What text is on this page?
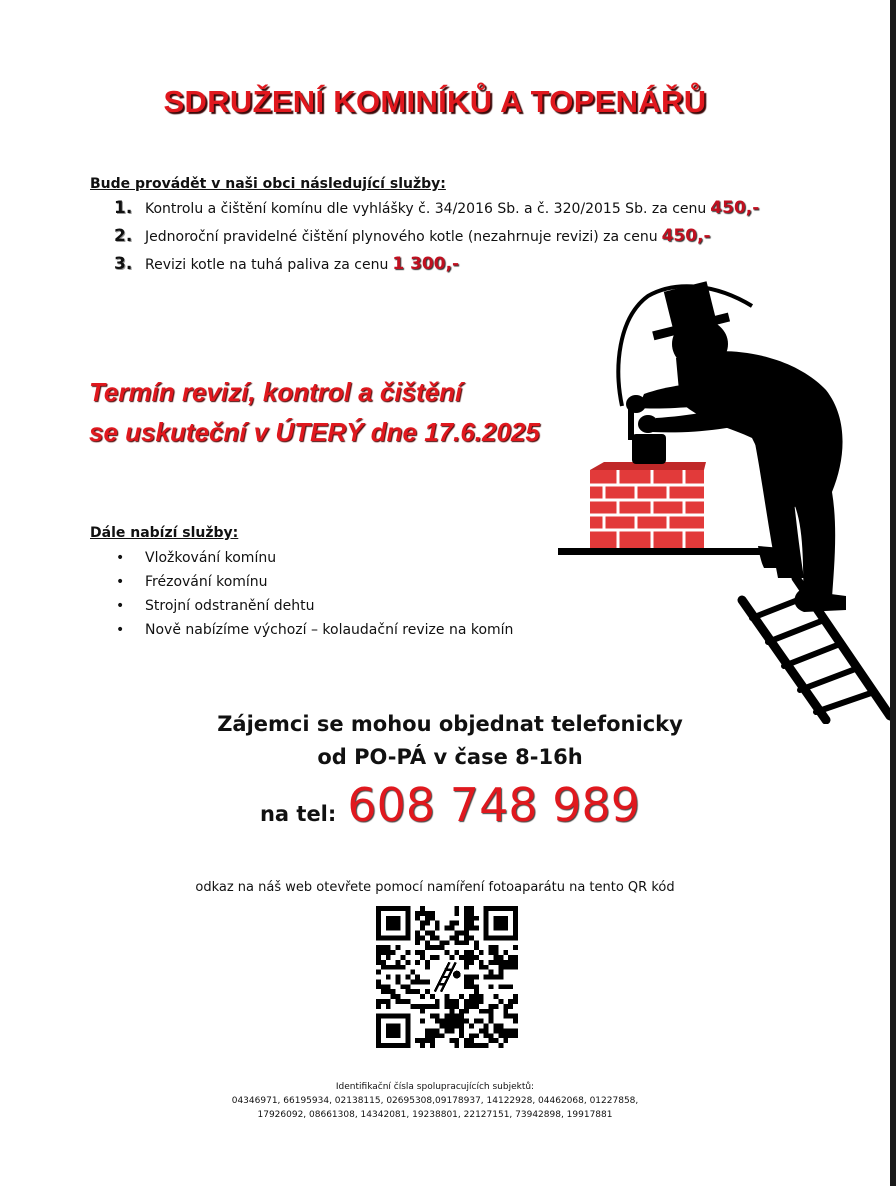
SDRUŽENÍ KOMINÍKŮ A TOPENÁŘŮ
Bude provádět v naši obci následující služby:
1. Kontrolu a čištění komínu dle vyhlášky č. 34/2016 Sb. a č. 320/2015 Sb. za cenu 450,-
2. Jednoroční pravidelné čištění plynového kotle (nezahrnuje revizi) za cenu 450,-
3. Revizi kotle na tuhá paliva za cenu 1 300,-
Termín revizí, kontrol a čištění
se uskuteční v ÚTERÝ dne 17.6.2025
Dále nabízí služby:
•	Vložkování komínu
•	Frézování komínu
•	Strojní odstranění dehtu
•	Nově nabízíme výchozí – kolaudační revize na komín
Zájemci se mohou objednat telefonicky
od PO-PÁ v čase 8-16h
na tel: 608 748 989
odkaz na náš web otevřete pomocí namíření fotoaparátu na tento QR kód
Identifikační čísla spolupracujících subjektů:
04346971, 66195934, 02138115, 02695308,09178937, 14122928, 04462068, 01227858,
17926092, 08661308, 14342081, 19238801, 22127151, 73942898, 19917881
